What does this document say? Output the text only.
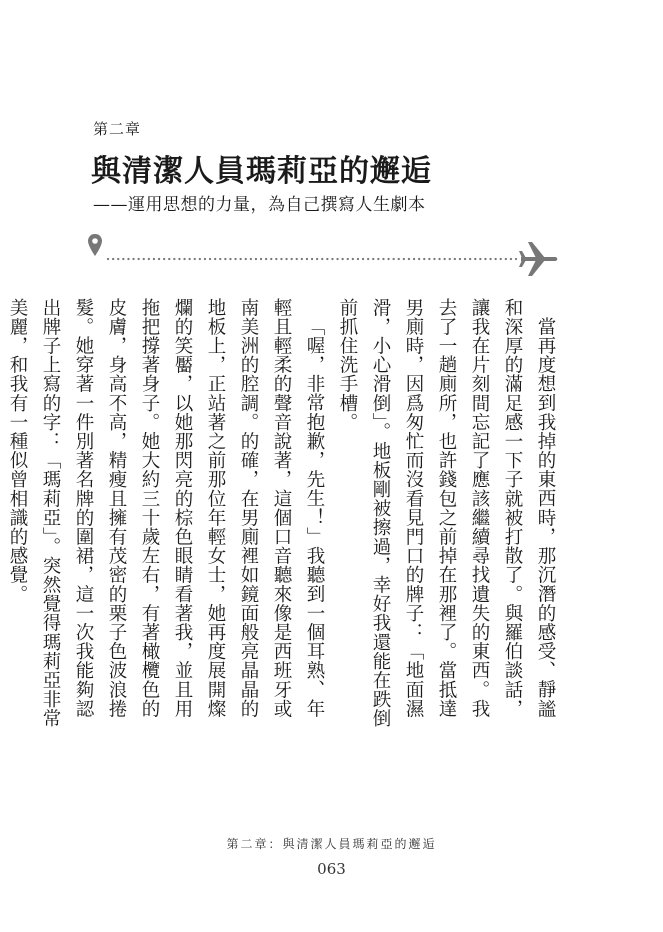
第二章
與清潔人員瑪莉亞的邂逅
——運用思想的力量，為自己撰寫人生劇本

當再度想到我掉的東西時，那沉潛的感受、靜謐和深厚的滿足感一下子就被打散了。與羅伯談話，讓我在片刻間忘記了應該繼續尋找遺失的東西。我去了一趟廁所，也許錢包之前掉在那裡了。當抵達男廁時，因爲匆忙而沒看見門口的牌子：「地面濕滑，小心滑倒」。地板剛被擦過，幸好我還能在跌倒前抓住洗手槽。

「喔，非常抱歉，先生！」我聽到一個耳熟、年輕且輕柔的聲音說著，這個口音聽來像是西班牙或南美洲的腔調。的確，在男廁裡如鏡面般亮晶晶的地板上，正站著之前那位年輕女士，她再度展開燦爛的笑靨，以她那閃亮的棕色眼睛看著我，並且用拖把撐著身子。她大約三十歲左右，有著橄欖色的皮膚，身高不高，精瘦且擁有茂密的栗子色波浪捲髮。她穿著一件別著名牌的圍裙，這一次我能夠認出牌子上寫的字：「瑪莉亞」。突然覺得瑪莉亞非常美麗，和我有一種似曾相識的感覺。

第二章：與清潔人員瑪莉亞的邂逅
063
